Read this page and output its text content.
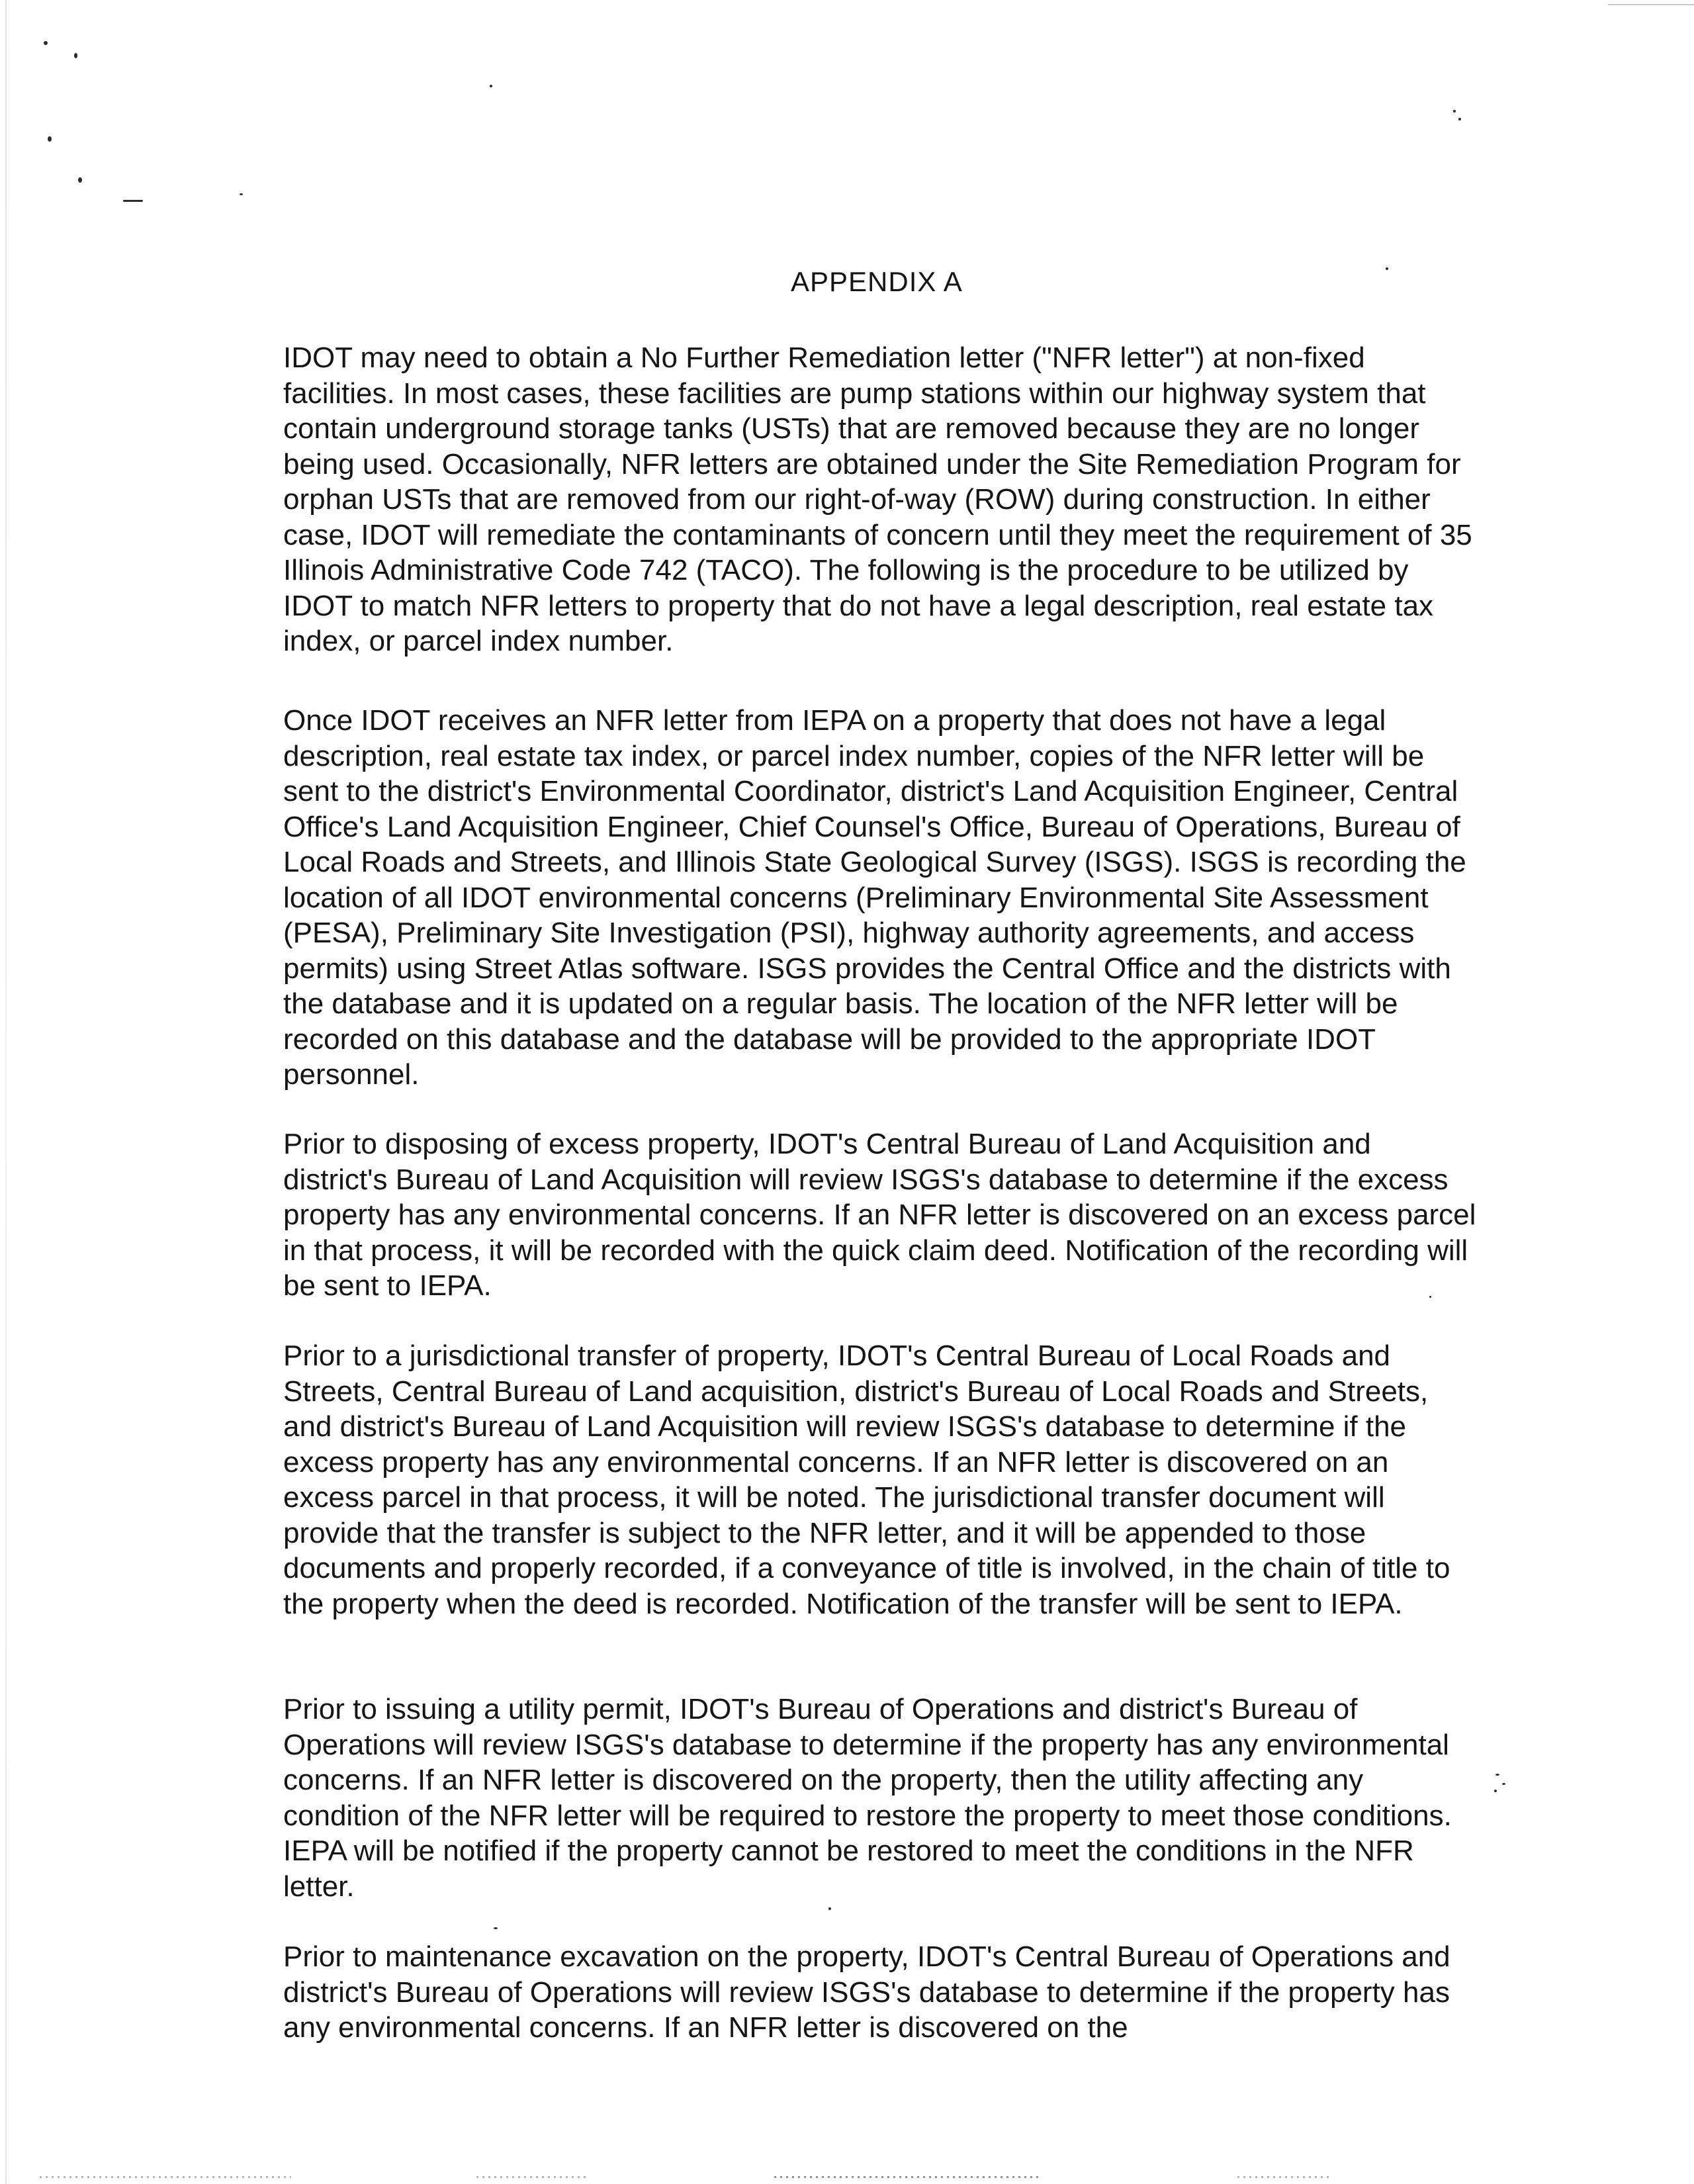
APPENDIX A

IDOT may need to obtain a No Further Remediation letter ("NFR letter") at non-fixed facilities. In most cases, these facilities are pump stations within our highway system that contain underground storage tanks (USTs) that are removed because they are no longer being used. Occasionally, NFR letters are obtained under the Site Remediation Program for orphan USTs that are removed from our right-of-way (ROW) during construction. In either case, IDOT will remediate the contaminants of concern until they meet the requirement of 35 Illinois Administrative Code 742 (TACO). The following is the procedure to be utilized by IDOT to match NFR letters to property that do not have a legal description, real estate tax index, or parcel index number.

Once IDOT receives an NFR letter from IEPA on a property that does not have a legal description, real estate tax index, or parcel index number, copies of the NFR letter will be sent to the district's Environmental Coordinator, district's Land Acquisition Engineer, Central Office's Land Acquisition Engineer, Chief Counsel's Office, Bureau of Operations, Bureau of Local Roads and Streets, and Illinois State Geological Survey (ISGS). ISGS is recording the location of all IDOT environmental concerns (Preliminary Environmental Site Assessment (PESA), Preliminary Site Investigation (PSI), highway authority agreements, and access permits) using Street Atlas software. ISGS provides the Central Office and the districts with the database and it is updated on a regular basis. The location of the NFR letter will be recorded on this database and the database will be provided to the appropriate IDOT personnel.

Prior to disposing of excess property, IDOT's Central Bureau of Land Acquisition and district's Bureau of Land Acquisition will review ISGS's database to determine if the excess property has any environmental concerns. If an NFR letter is discovered on an excess parcel in that process, it will be recorded with the quick claim deed. Notification of the recording will be sent to IEPA.

Prior to a jurisdictional transfer of property, IDOT's Central Bureau of Local Roads and Streets, Central Bureau of Land acquisition, district's Bureau of Local Roads and Streets, and district's Bureau of Land Acquisition will review ISGS's database to determine if the excess property has any environmental concerns. If an NFR letter is discovered on an excess parcel in that process, it will be noted. The jurisdictional transfer document will provide that the transfer is subject to the NFR letter, and it will be appended to those documents and properly recorded, if a conveyance of title is involved, in the chain of title to the property when the deed is recorded. Notification of the transfer will be sent to IEPA.

Prior to issuing a utility permit, IDOT's Bureau of Operations and district's Bureau of Operations will review ISGS's database to determine if the property has any environmental concerns. If an NFR letter is discovered on the property, then the utility affecting any condition of the NFR letter will be required to restore the property to meet those conditions. IEPA will be notified if the property cannot be restored to meet the conditions in the NFR letter.

Prior to maintenance excavation on the property, IDOT's Central Bureau of Operations and district's Bureau of Operations will review ISGS's database to determine if the property has any environmental concerns. If an NFR letter is discovered on the
